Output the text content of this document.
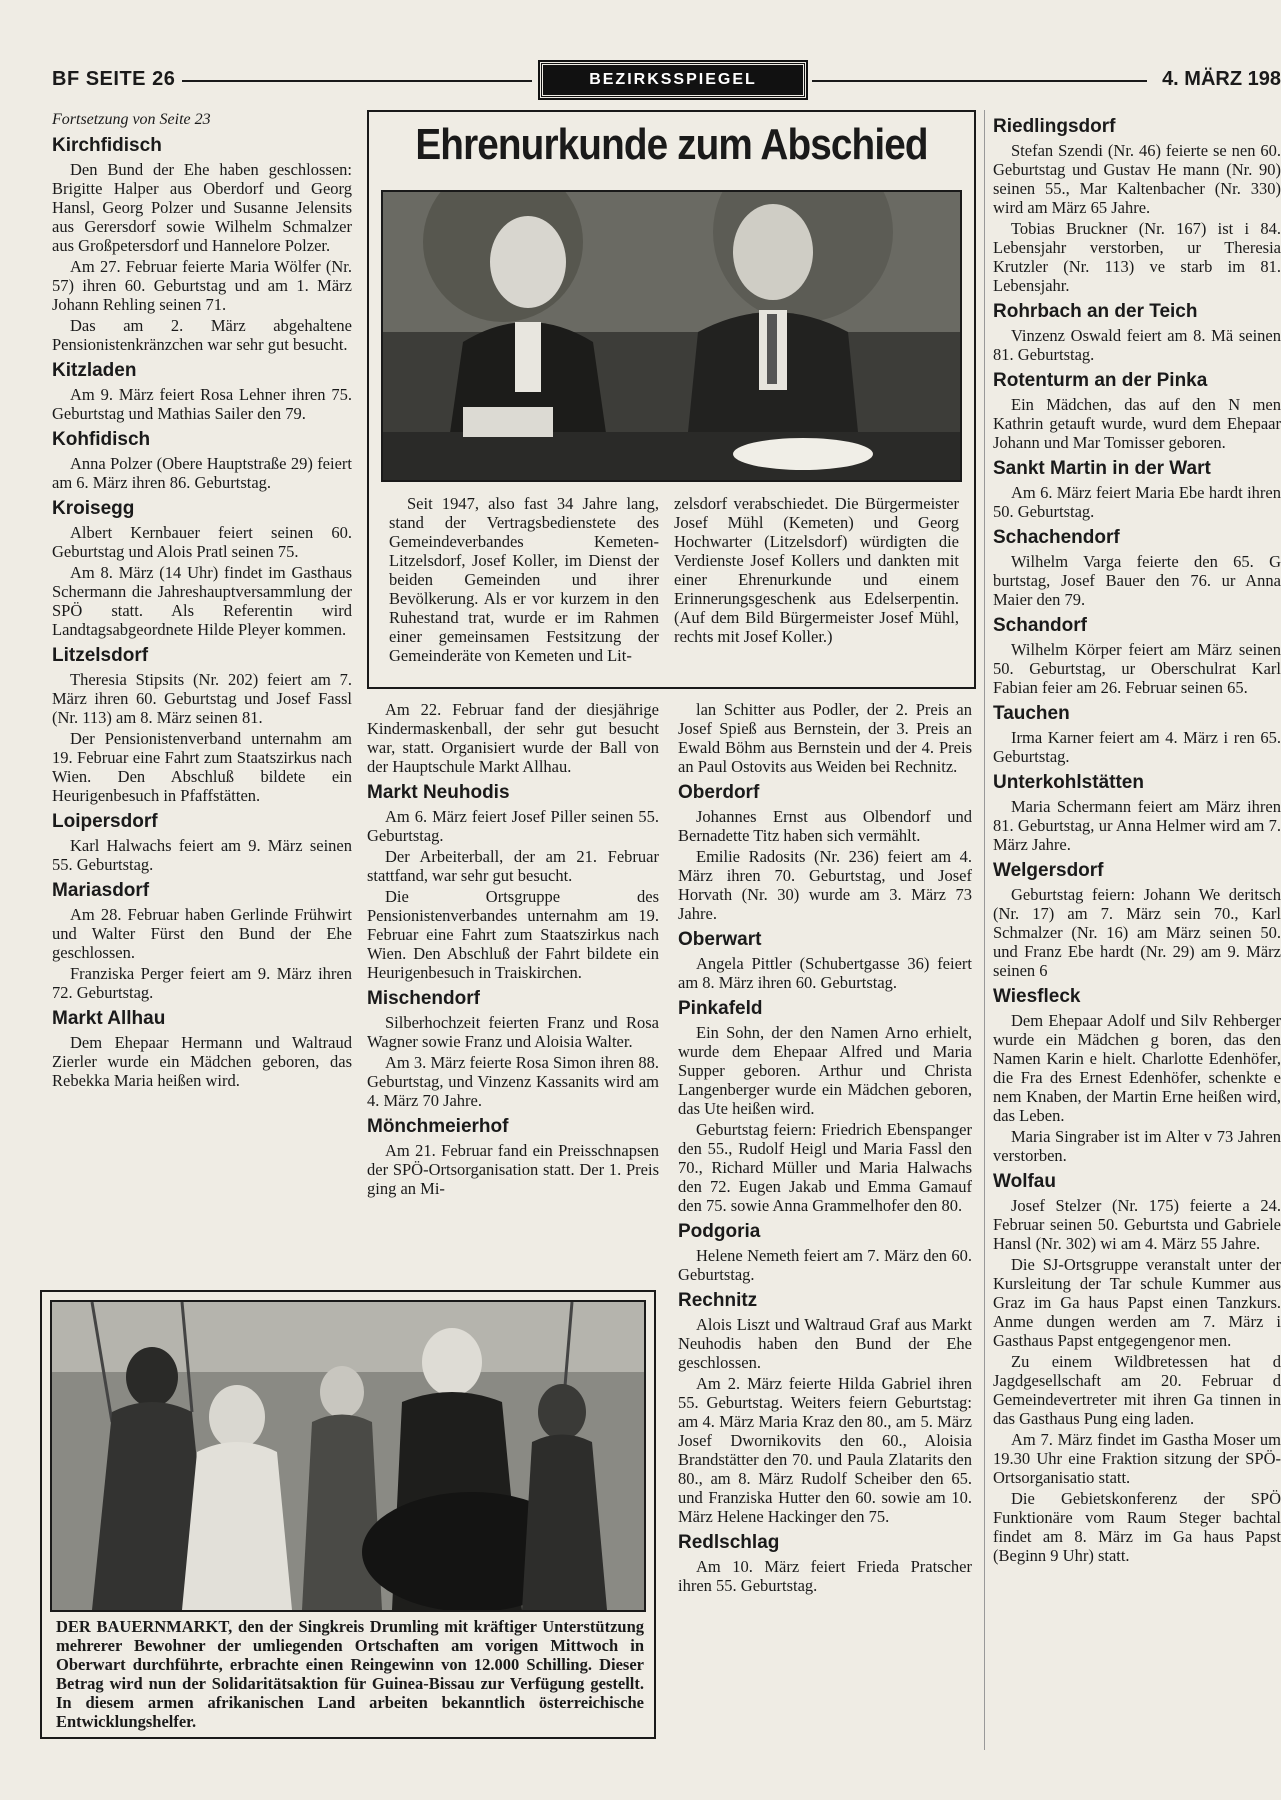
BF SEITE 26	BEZIRKSSPIEGEL	4. MÄRZ 198

Fortsetzung von Seite 23

Kirchfidisch

Den Bund der Ehe haben geschlossen: Brigitte Halper aus Oberdorf und Georg Hansl, Georg Polzer und Susanne Jelensits aus Gerersdorf sowie Wilhelm Schmalzer aus Großpetersdorf und Hannelore Polzer.

Am 27. Februar feierte Maria Wölfer (Nr. 57) ihren 60. Geburtstag und am 1. März Johann Rehling seinen 71.

Das am 2. März abgehaltene Pensionistenkränzchen war sehr gut besucht.

Kitzladen

Am 9. März feiert Rosa Lehner ihren 75. Geburtstag und Mathias Sailer den 79.

Kohfidisch

Anna Polzer (Obere Hauptstraße 29) feiert am 6. März ihren 86. Geburtstag.

Kroisegg

Albert Kernbauer feiert seinen 60. Geburtstag und Alois Pratl seinen 75.

Am 8. März (14 Uhr) findet im Gasthaus Schermann die Jahreshauptversammlung der SPÖ statt. Als Referentin wird Landtagsabgeordnete Hilde Pleyer kommen.

Litzelsdorf

Theresia Stipsits (Nr. 202) feiert am 7. März ihren 60. Geburtstag und Josef Fassl (Nr. 113) am 8. März seinen 81.

Der Pensionistenverband unternahm am 19. Februar eine Fahrt zum Staatszirkus nach Wien. Den Abschluß bildete ein Heurigenbesuch in Pfaffstätten.

Loipersdorf

Karl Halwachs feiert am 9. März seinen 55. Geburtstag.

Mariasdorf

Am 28. Februar haben Gerlinde Frühwirt und Walter Fürst den Bund der Ehe geschlossen.

Franziska Perger feiert am 9. März ihren 72. Geburtstag.

Markt Allhau

Dem Ehepaar Hermann und Waltraud Zierler wurde ein Mädchen geboren, das Rebekka Maria heißen wird.

Ehrenurkunde zum Abschied
Seit 1947, also fast 34 Jahre lang, stand der Vertragsbedienstete des Gemeindeverbandes Kemeten-Litzelsdorf, Josef Koller, im Dienst der beiden Gemeinden und ihrer Bevölkerung. Als er vor kurzem in den Ruhestand trat, wurde er im Rahmen einer gemeinsamen Festsitzung der Gemeinderäte von Kemeten und Lit-
zelsdorf verabschiedet. Die Bürgermeister Josef Mühl (Kemeten) und Georg Hochwarter (Litzelsdorf) würdigten die Verdienste Josef Kollers und dankten mit einer Ehrenurkunde und einem Erinnerungsgeschenk aus Edelserpentin. (Auf dem Bild Bürgermeister Josef Mühl, rechts mit Josef Koller.)

Am 22. Februar fand der diesjährige Kindermaskenball, der sehr gut besucht war, statt. Organisiert wurde der Ball von der Hauptschule Markt Allhau.

Markt Neuhodis

Am 6. März feiert Josef Piller seinen 55. Geburtstag.

Der Arbeiterball, der am 21. Februar stattfand, war sehr gut besucht.

Die Ortsgruppe des Pensionistenverbandes unternahm am 19. Februar eine Fahrt zum Staatszirkus nach Wien. Den Abschluß der Fahrt bildete ein Heurigenbesuch in Traiskirchen.

Mischendorf

Silberhochzeit feierten Franz und Rosa Wagner sowie Franz und Aloisia Walter.

Am 3. März feierte Rosa Simon ihren 88. Geburtstag, und Vinzenz Kassanits wird am 4. März 70 Jahre.

Mönchmeierhof

Am 21. Februar fand ein Preisschnapsen der SPÖ-Ortsorganisation statt. Der 1. Preis ging an Mi-

lan Schitter aus Podler, der 2. Preis an Josef Spieß aus Bernstein, der 3. Preis an Ewald Böhm aus Bernstein und der 4. Preis an Paul Ostovits aus Weiden bei Rechnitz.

Oberdorf

Johannes Ernst aus Olbendorf und Bernadette Titz haben sich vermählt.

Emilie Radosits (Nr. 236) feiert am 4. März ihren 70. Geburtstag, und Josef Horvath (Nr. 30) wurde am 3. März 73 Jahre.

Oberwart

Angela Pittler (Schubertgasse 36) feiert am 8. März ihren 60. Geburtstag.

Pinkafeld

Ein Sohn, der den Namen Arno erhielt, wurde dem Ehepaar Alfred und Maria Supper geboren. Arthur und Christa Langenberger wurde ein Mädchen geboren, das Ute heißen wird.

Geburtstag feiern: Friedrich Ebenspanger den 55., Rudolf Heigl und Maria Fassl den 70., Richard Müller und Maria Halwachs den 72. Eugen Jakab und Emma Gamauf den 75. sowie Anna Grammelhofer den 80.

Podgoria

Helene Nemeth feiert am 7. März den 60. Geburtstag.

Rechnitz

Alois Liszt und Waltraud Graf aus Markt Neuhodis haben den Bund der Ehe geschlossen.

Am 2. März feierte Hilda Gabriel ihren 55. Geburtstag. Weiters feiern Geburtstag: am 4. März Maria Kraz den 80., am 5. März Josef Dwornikovits den 60., Aloisia Brandstätter den 70. und Paula Zlatarits den 80., am 8. März Rudolf Scheiber den 65. und Franziska Hutter den 60. sowie am 10. März Helene Hackinger den 75.

Redlschlag

Am 10. März feiert Frieda Pratscher ihren 55. Geburtstag.

Riedlingsdorf

Stefan Szendi (Nr. 46) feierte se nen 60. Geburtstag und Gustav He mann (Nr. 90) seinen 55., Mar Kaltenbacher (Nr. 330) wird am März 65 Jahre.

Tobias Bruckner (Nr. 167) ist i 84. Lebensjahr verstorben, ur Theresia Krutzler (Nr. 113) ve starb im 81. Lebensjahr.

Rohrbach an der Teich

Vinzenz Oswald feiert am 8. Mä seinen 81. Geburtstag.

Rotenturm an der Pinka

Ein Mädchen, das auf den N men Kathrin getauft wurde, wurd dem Ehepaar Johann und Mar Tomisser geboren.

Sankt Martin in der Wart

Am 6. März feiert Maria Ebe hardt ihren 50. Geburtstag.

Schachendorf

Wilhelm Varga feierte den 65. G burtstag, Josef Bauer den 76. ur Anna Maier den 79.

Schandorf

Wilhelm Körper feiert am März seinen 50. Geburtstag, ur Oberschulrat Karl Fabian feier am 26. Februar seinen 65.

Tauchen

Irma Karner feiert am 4. März i ren 65. Geburtstag.

Unterkohlstätten

Maria Schermann feiert am März ihren 81. Geburtstag, ur Anna Helmer wird am 7. März Jahre.

Welgersdorf

Geburtstag feiern: Johann We deritsch (Nr. 17) am 7. März sein 70., Karl Schmalzer (Nr. 16) am März seinen 50. und Franz Ebe hardt (Nr. 29) am 9. März seinen 6

Wiesfleck

Dem Ehepaar Adolf und Silv Rehberger wurde ein Mädchen g boren, das den Namen Karin e hielt. Charlotte Edenhöfer, die Fra des Ernest Edenhöfer, schenkte e nem Knaben, der Martin Erne heißen wird, das Leben.

Maria Singraber ist im Alter v 73 Jahren verstorben.

Wolfau

Josef Stelzer (Nr. 175) feierte a 24. Februar seinen 50. Geburtsta und Gabriele Hansl (Nr. 302) wi am 4. März 55 Jahre.

Die SJ-Ortsgruppe veranstalt unter der Kursleitung der Tar schule Kummer aus Graz im Ga haus Papst einen Tanzkurs. Anme dungen werden am 7. März i Gasthaus Papst entgegengenor men.

Zu einem Wildbretessen hat d Jagdgesellschaft am 20. Februar d Gemeindevertreter mit ihren Ga tinnen in das Gasthaus Pung eing laden.

Am 7. März findet im Gastha Moser um 19.30 Uhr eine Fraktion sitzung der SPÖ-Ortsorganisatio statt.

Die Gebietskonferenz der SPÖ Funktionäre vom Raum Steger bachtal findet am 8. März im Ga haus Papst (Beginn 9 Uhr) statt.

DER BAUERNMARKT, den der Singkreis Drumling mit kräftiger Unterstützung mehrerer Bewohner der umliegenden Ortschaften am vorigen Mittwoch in Oberwart durchführte, erbrachte einen Reingewinn von 12.000 Schilling. Dieser Betrag wird nun der Solidaritätsaktion für Guinea-Bissau zur Verfügung gestellt. In diesem armen afrikanischen Land arbeiten bekanntlich österreichische Entwicklungshelfer.
